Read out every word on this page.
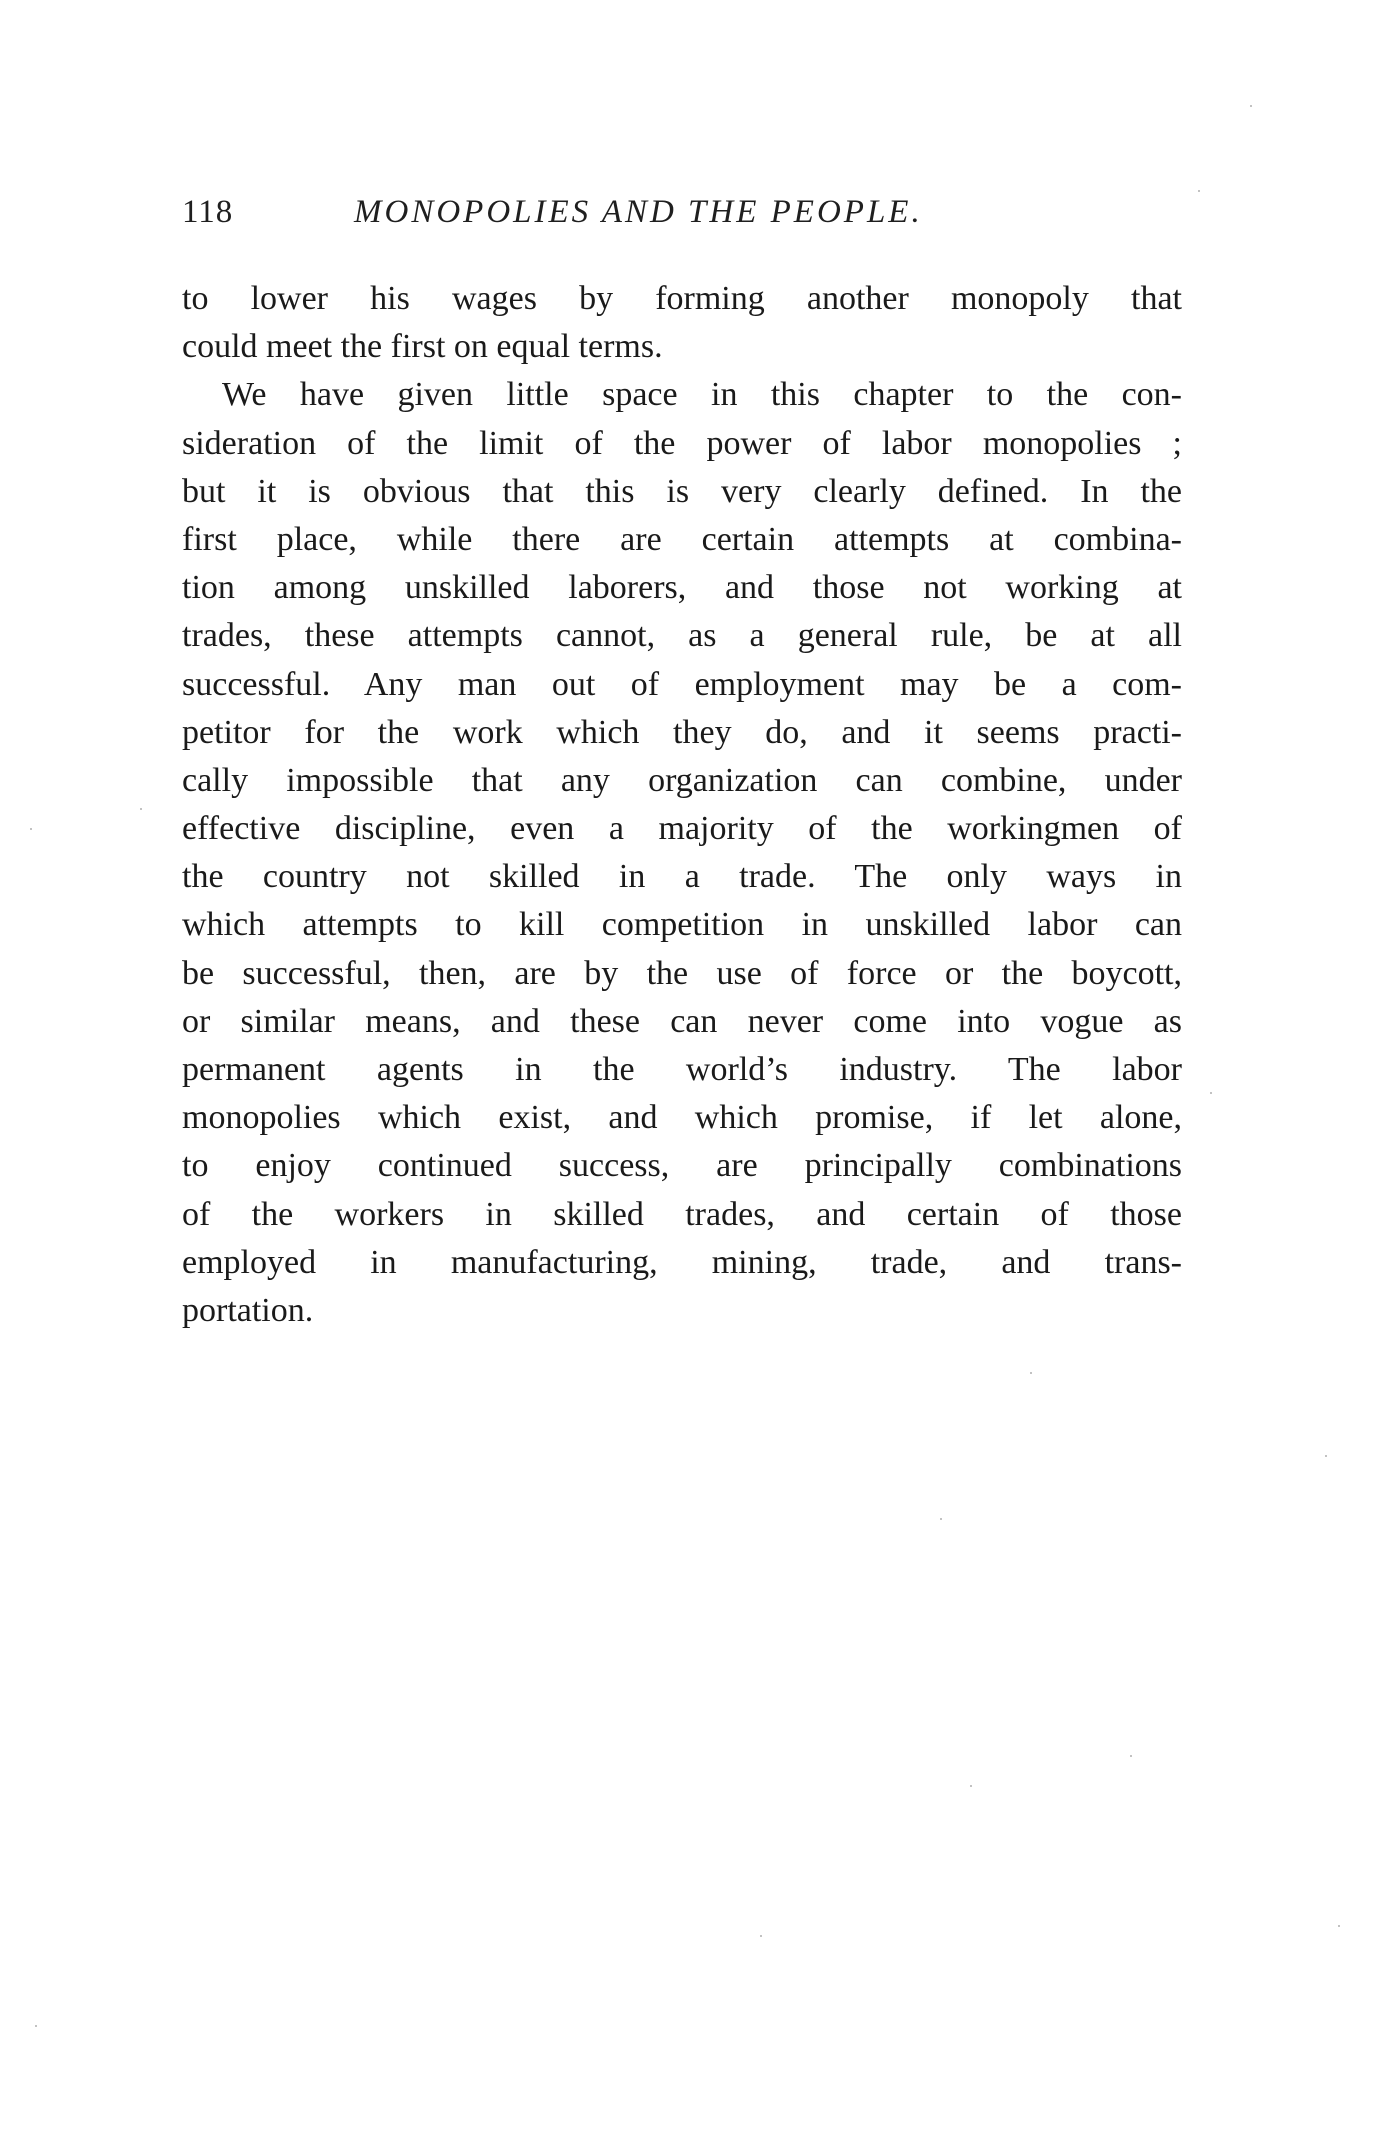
118	MONOPOLIES AND THE PEOPLE.
to lower his wages by forming another monopoly that
could meet the first on equal terms.
We have given little space in this chapter to the con-
sideration of the limit of the power of labor monopolies ;
but it is obvious that this is very clearly defined. In the
first place, while there are certain attempts at combina-
tion among unskilled laborers, and those not working at
trades, these attempts cannot, as a general rule, be at all
successful. Any man out of employment may be a com-
petitor for the work which they do, and it seems practi-
cally impossible that any organization can combine, under
effective discipline, even a majority of the workingmen of
the country not skilled in a trade. The only ways in
which attempts to kill competition in unskilled labor can
be successful, then, are by the use of force or the boycott,
or similar means, and these can never come into vogue as
permanent agents in the world’s industry. The labor
monopolies which exist, and which promise, if let alone,
to enjoy continued success, are principally combinations
of the workers in skilled trades, and certain of those
employed in manufacturing, mining, trade, and trans-
portation.
